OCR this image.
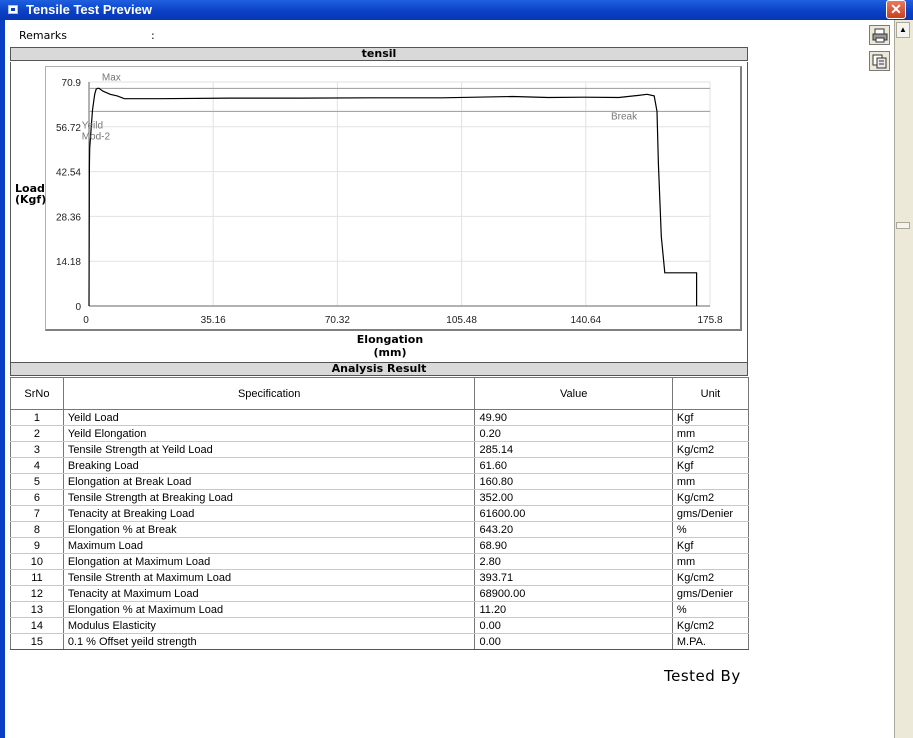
Tensile Test Preview	✕
▲
Remarks	:
tensil
0	35.16	70.32	105.48	140.64	175.8
0
14.18
28.36
42.54
56.72
70.9
Max
Break
Yeild
Mod-2
Load
(Kgf)
Elongation
(mm)
Analysis Result
SrNo	Specification	Value	Unit
1	Yeild Load	49.90	Kgf
2	Yeild Elongation	0.20	mm
3	Tensile Strength at Yeild Load	285.14	Kg/cm2
4	Breaking Load	61.60	Kgf
5	Elongation at Break Load	160.80	mm
6	Tensile Strength at Breaking Load	352.00	Kg/cm2
7	Tenacity at Breaking Load	61600.00	gms/Denier
8	Elongation % at Break	643.20	%
9	Maximum Load	68.90	Kgf
10	Elongation at Maximum Load	2.80	mm
11	Tensile Strenth at Maximum Load	393.71	Kg/cm2
12	Tenacity at Maximum Load	68900.00	gms/Denier
13	Elongation % at Maximum Load	11.20	%
14	Modulus Elasticity	0.00	Kg/cm2
15	0.1 % Offset yeild strength	0.00	M.PA.
Tested By
